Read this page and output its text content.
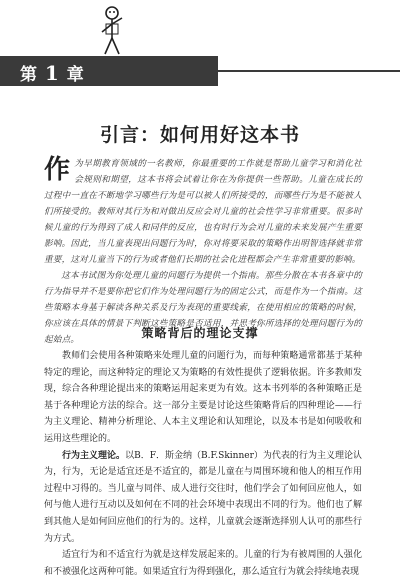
第 1 章
引言：如何用好这本书

作为早期教育领域的一名教师，你最重要的工作就是帮助儿童学习和消化社会规则和期望，这本书将会试着让你在为你提供一些帮助。儿童在成长的过程中一直在不断地学习哪些行为是可以被人们所接受的，而哪些行为是不能被人们所接受的。教师对其行为和对做出反应会对儿童的社会性学习非常重要。很多时候儿童的行为得到了成人和同伴的反应，也有时行为会对儿童的未来发展产生重要影响。因此，当儿童表现出问题行为时，你对将要采取的策略作出明智选择就非常重要，这对儿童当下的行为或者他们长期的社会化进程都会产生非常重要的影响。

这本书试图为你处理儿童的问题行为提供一个指南。那些分散在本书各章中的行为指导并不是要你把它们作为处理问题行为的固定公式，而是作为一个指南。这些策略本身基于解读各种关系及行为表现的重要线索，在使用相应的策略的时候，你应该在具体的情景下判断这些策略是否适用，并思考你所选择的处理问题行为的起始点。	策略背后的理论支撑

教师们会使用各种策略来处理儿童的问题行为，而每种策略通常都基于某种特定的理论，而这种特定的理论又为策略的有效性提供了逻辑依据。许多教师发现，综合各种理论提出来的策略运用起来更为有效。这本书列举的各种策略正是基于各种理论方法的综合。这一部分主要是讨论这些策略背后的四种理论——行为主义理论、精神分析理论、人本主义理论和认知理论，以及本书是如何吸收和运用这些理论的。

行为主义理论。以B．F．斯金纳（B.F.Skinner）为代表的行为主义理论认为，行为，无论是适宜还是不适宜的，都是儿童在与周围环境和他人的相互作用过程中习得的。当儿童与同伴、成人进行交往时，他们学会了如何回应他人，如何与他人进行互动以及如何在不同的社会环境中表现出不同的行为。他们也了解到其他人是如何回应他们的行为的。这样，儿童就会逐渐选择别人认可的那些行为方式。

适宜行为和不适宜行为就是这样发展起来的。儿童的行为有被周围的人强化和不被强化这两种可能。如果适宜行为得到强化，那么适宜行为就会持续地表现
